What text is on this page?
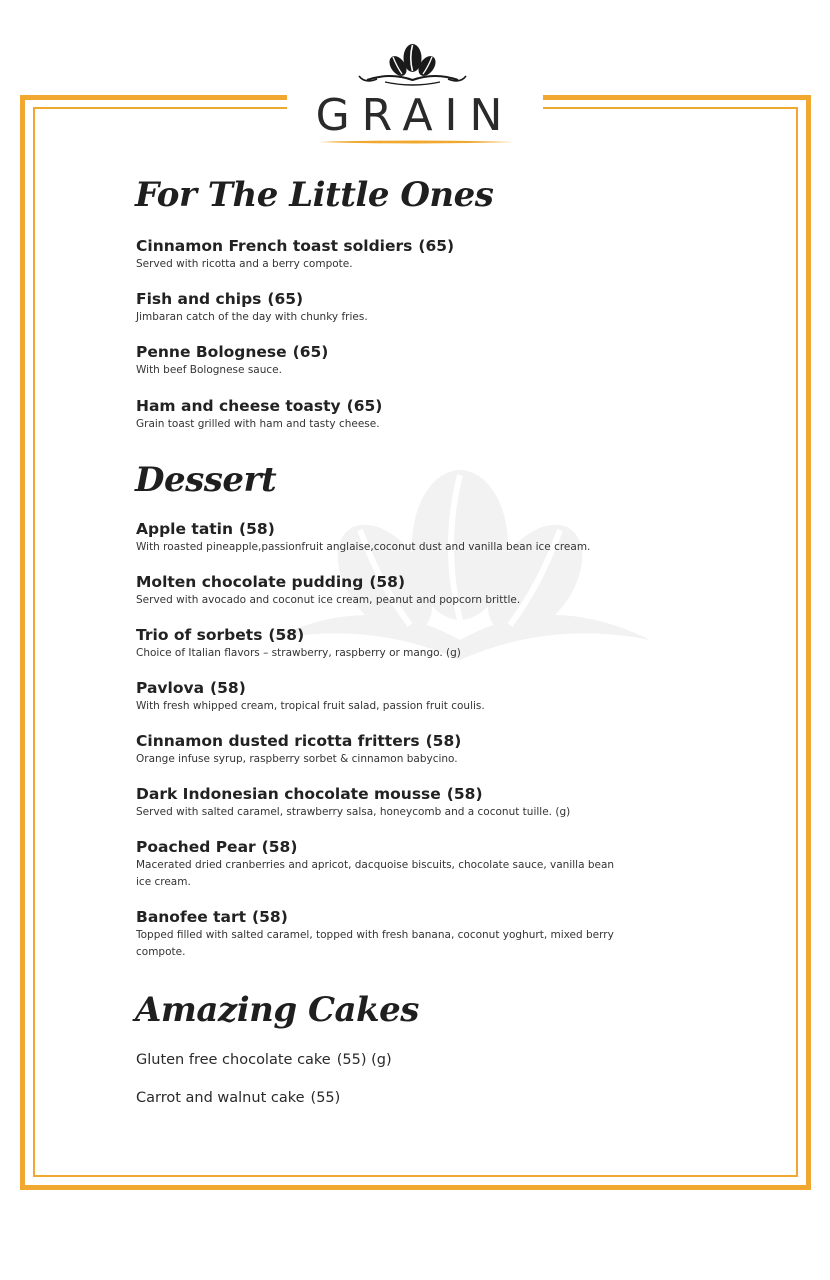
GRAIN
For The Little Ones
Cinnamon French toast soldiers (65)
Served with ricotta and a berry compote.
Fish and chips (65)
Jimbaran catch of the day with chunky fries.
Penne Bolognese (65)
With beef Bolognese sauce.
Ham and cheese toasty (65)
Grain toast grilled with ham and tasty cheese.
Dessert
Apple tatin (58)
With roasted pineapple,passionfruit anglaise,coconut dust and vanilla bean ice cream.
Molten chocolate pudding (58)
Served with avocado and coconut ice cream, peanut and popcorn brittle.
Trio of sorbets (58)
Choice of Italian flavors – strawberry, raspberry or mango. (g)
Pavlova (58)
With fresh whipped cream, tropical fruit salad, passion fruit coulis.
Cinnamon dusted ricotta fritters (58)
Orange infuse syrup, raspberry sorbet & cinnamon babycino.
Dark Indonesian chocolate mousse (58)
Served with salted caramel, strawberry salsa, honeycomb and a coconut tuille. (g)
Poached Pear (58)
Macerated dried cranberries and apricot, dacquoise biscuits, chocolate sauce, vanilla bean ice cream.
Banofee tart (58)
Topped filled with salted caramel, topped with fresh banana, coconut yoghurt, mixed berry compote.
Amazing Cakes
Gluten free chocolate cake (55) (g)
Carrot and walnut cake (55)
